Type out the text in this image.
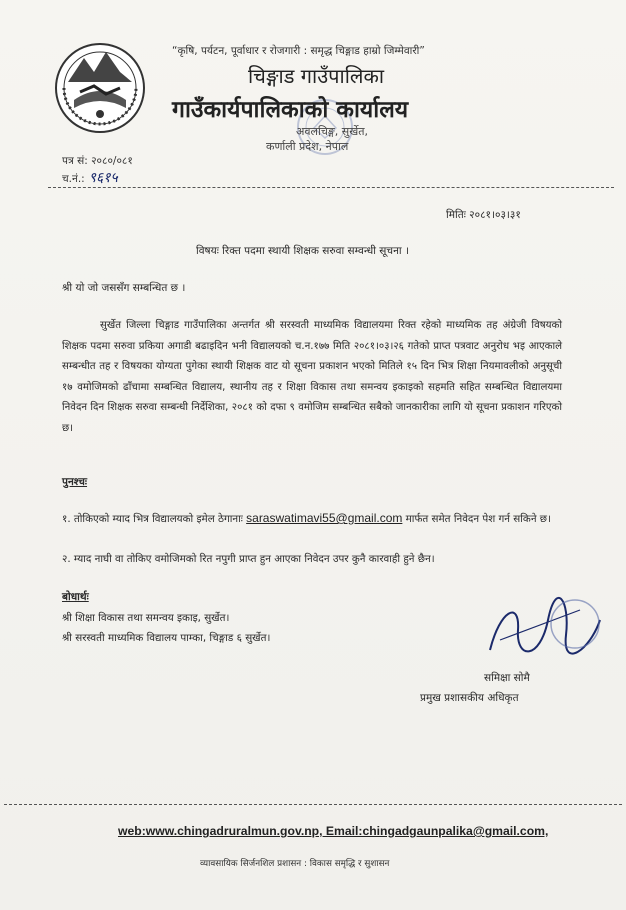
“कृषि, पर्यटन, पूर्वाधार र रोजगारी : समृद्ध चिङ्गाड हाम्रो जिम्मेवारी”
चिङ्गाड गाउँपालिका
गाउँकार्यपालिकाको कार्यालय
अवलचिङ्ग, सुर्खेत,
कर्णाली प्रदेश, नेपाल
पत्र सं: २०८०/०८१
च.नं.: ९६१५
मितिः २०८१।०३।३१
विषयः रिक्त पदमा स्थायी शिक्षक सरुवा सम्वन्धी सूचना ।
श्री यो जो जससँग सम्बन्धित छ ।

सुर्खेत जिल्ला चिङ्गाड गाउँपालिका अन्तर्गत श्री सरस्वती माध्यमिक विद्यालयमा रिक्त रहेको माध्यमिक तह अंग्रेजी विषयको शिक्षक पदमा सरुवा प्रकिया अगाडी बढाइदिन भनी विद्यालयको च.न.१७७ मिति २०८१।०३।२६ गतेको प्राप्त पत्रवाट अनुरोध भइ आएकाले सम्बन्धीत तह र विषयका योग्यता पुगेका स्थायी शिक्षक वाट यो सूचना प्रकाशन भएको मितिले १५ दिन भित्र शिक्षा नियमावलीको अनुसूची १७ वमोजिमको ढाँचामा सम्बन्धित विद्यालय, स्थानीय तह र शिक्षा विकास तथा समन्वय इकाइको सहमति सहित सम्बन्धित विद्यालयमा निवेदन दिन शिक्षक सरुवा सम्बन्धी निर्देशिका, २०८१ को दफा ९ वमोजिम सम्बन्धित सबैको जानकारीका लागि यो सूचना प्रकाशन गरिएको छ।

पुनश्चः
१. तोकिएको म्याद भित्र विद्यालयको इमेल ठेगानाः saraswatimavi55@gmail.com मार्फत समेत निवेदन पेश गर्न सकिने छ।
२. म्याद नाघी वा तोकिए वमोजिमको रित नपुगी प्राप्त हुन आएका निवेदन उपर कुनै कारवाही हुने छैन।
बोधार्थः
श्री शिक्षा विकास तथा समन्वय इकाइ, सुर्खेत।
श्री सरस्वती माध्यमिक विद्यालय पाम्का, चिङ्गाड ६ सुर्खेत।
समिक्षा सोमै
प्रमुख प्रशासकीय अधिकृत
web:www.chingadruralmun.gov.np, Email:chingadgaunpalika@gmail.com,
व्यावसायिक सिर्जनशिल प्रशासन : विकास समृद्धि र सुशासन
